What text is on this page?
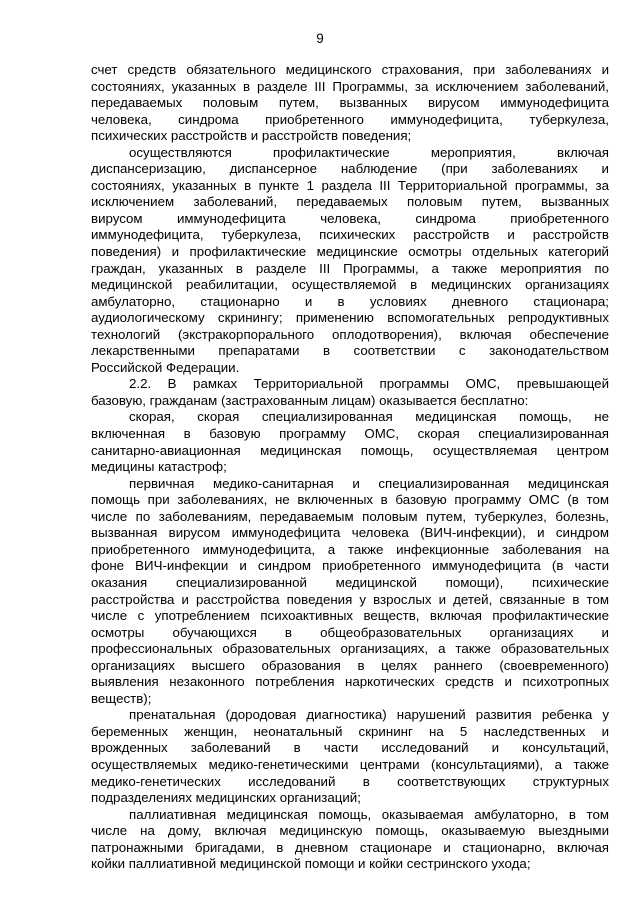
9
счет средств обязательного медицинского страхования, при заболеваниях и
состояниях, указанных в разделе III Программы, за исключением заболеваний,
передаваемых половым путем, вызванных вирусом иммунодефицита
человека, синдрома приобретенного иммунодефицита, туберкулеза,
психических расстройств и расстройств поведения;
осуществляются профилактические мероприятия, включая
диспансеризацию, диспансерное наблюдение (при заболеваниях и
состояниях, указанных в пункте 1 раздела III Территориальной программы, за
исключением заболеваний, передаваемых половым путем, вызванных
вирусом иммунодефицита человека, синдрома приобретенного
иммунодефицита, туберкулеза, психических расстройств и расстройств
поведения) и профилактические медицинские осмотры отдельных категорий
граждан, указанных в разделе III Программы, а также мероприятия по
медицинской реабилитации, осуществляемой в медицинских организациях
амбулаторно, стационарно и в условиях дневного стационара;
аудиологическому скринингу; применению вспомогательных репродуктивных
технологий (экстракорпорального оплодотворения), включая обеспечение
лекарственными препаратами в соответствии с законодательством
Российской Федерации.
2.2. В рамках Территориальной программы ОМС, превышающей
базовую, гражданам (застрахованным лицам) оказывается бесплатно:
скорая, скорая специализированная медицинская помощь, не
включенная в базовую программу ОМС, скорая специализированная
санитарно-авиационная медицинская помощь, осуществляемая центром
медицины катастроф;
первичная медико-санитарная и специализированная медицинская
помощь при заболеваниях, не включенных в базовую программу ОМС (в том
числе по заболеваниям, передаваемым половым путем, туберкулез, болезнь,
вызванная вирусом иммунодефицита человека (ВИЧ-инфекции), и синдром
приобретенного иммунодефицита, а также инфекционные заболевания на
фоне ВИЧ-инфекции и синдром приобретенного иммунодефицита (в части
оказания специализированной медицинской помощи), психические
расстройства и расстройства поведения у взрослых и детей, связанные в том
числе с употреблением психоактивных веществ, включая профилактические
осмотры обучающихся в общеобразовательных организациях и
профессиональных образовательных организациях, а также образовательных
организациях высшего образования в целях раннего (своевременного)
выявления незаконного потребления наркотических средств и психотропных
веществ);
пренатальная (дородовая диагностика) нарушений развития ребенка у
беременных женщин, неонатальный скрининг на 5 наследственных и
врожденных заболеваний в части исследований и консультаций,
осуществляемых медико-генетическими центрами (консультациями), а также
медико-генетических исследований в соответствующих структурных
подразделениях медицинских организаций;
паллиативная медицинская помощь, оказываемая амбулаторно, в том
числе на дому, включая медицинскую помощь, оказываемую выездными
патронажными бригадами, в дневном стационаре и стационарно, включая
койки паллиативной медицинской помощи и койки сестринского ухода;
